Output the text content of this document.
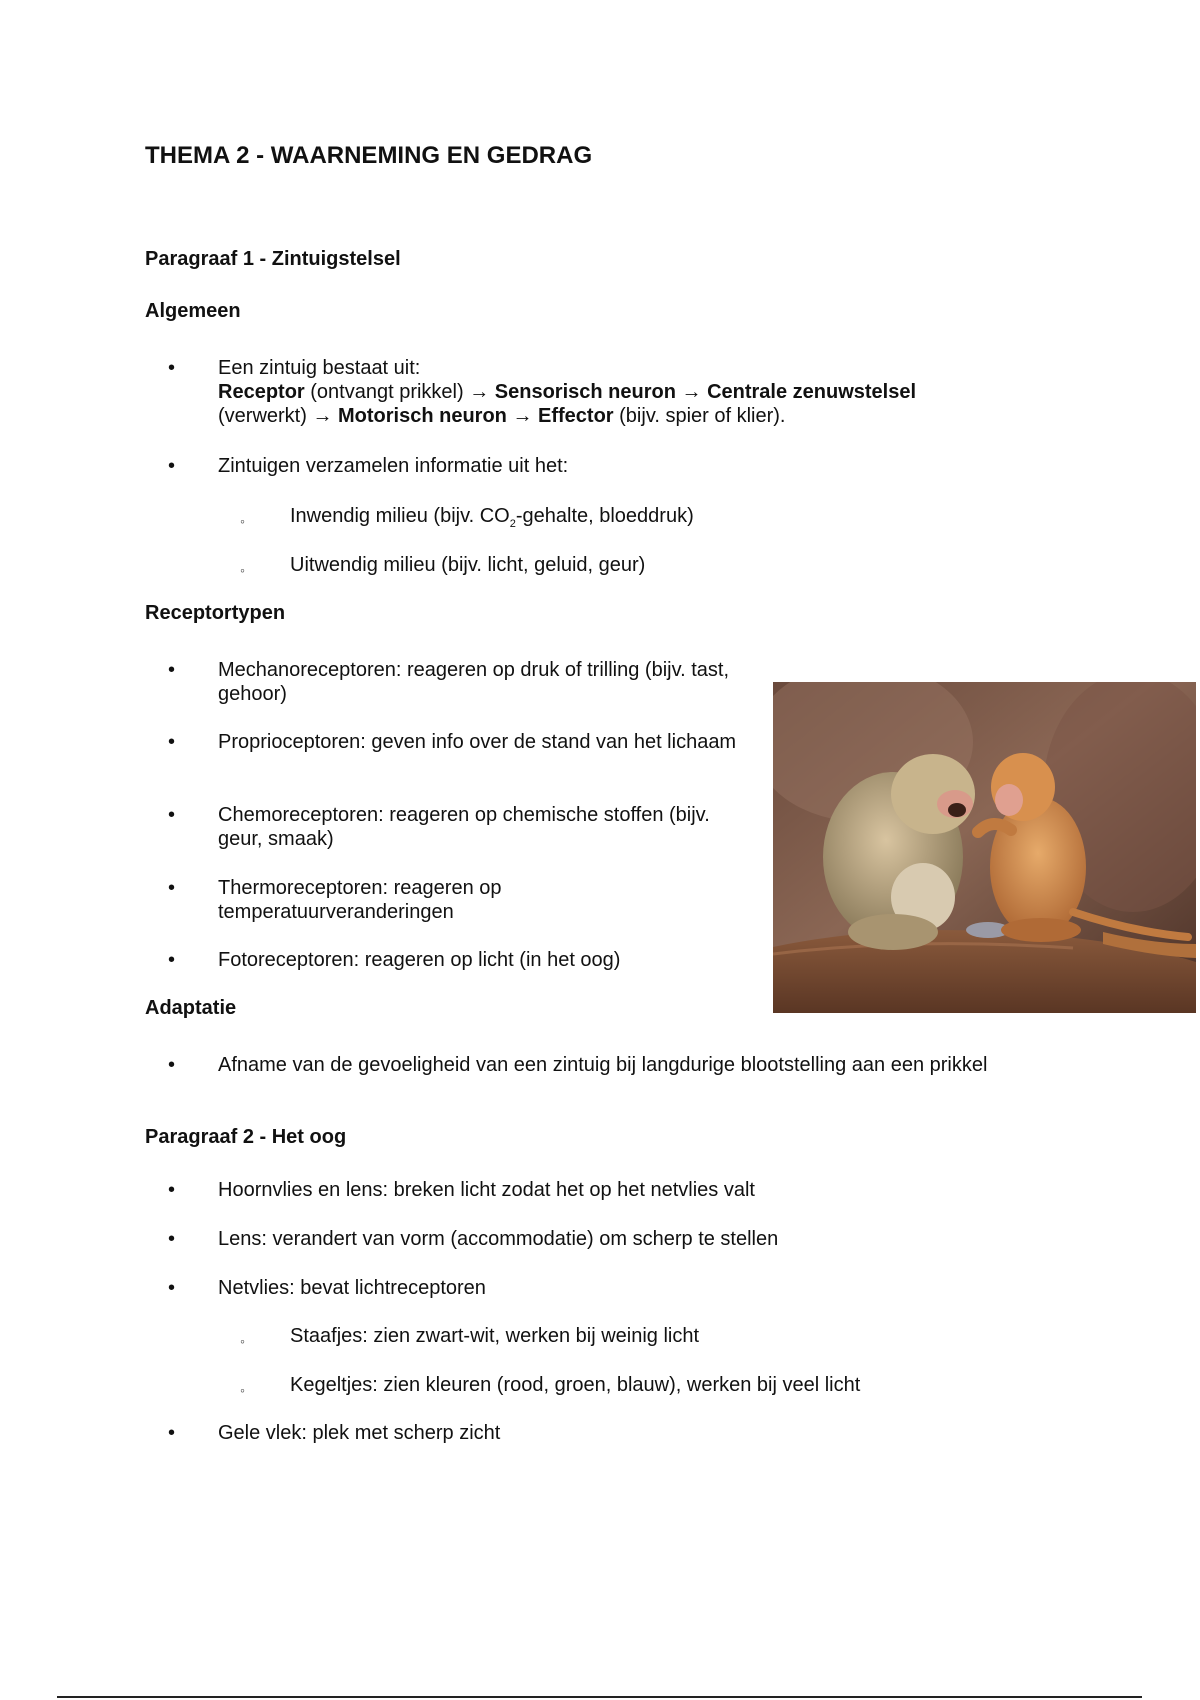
THEMA 2 - WAARNEMING EN GEDRAG
Paragraaf 1 - Zintuigstelsel
Algemeen
• Een zintuig bestaat uit:
Receptor (ontvangt prikkel) → Sensorisch neuron → Centrale zenuwstelsel
(verwerkt) → Motorisch neuron → Effector (bijv. spier of klier).
• Zintuigen verzamelen informatie uit het:
◦ Inwendig milieu (bijv. $CO_2$-gehalte, bloeddruk)
◦ Uitwendig milieu (bijv. licht, geluid, geur)
Receptortypen
• Mechanoreceptoren: reageren op druk of trilling (bijv. tast, gehoor)
• Proprioceptoren: geven info over de stand van het lichaam
• Chemoreceptoren: reageren op chemische stoffen (bijv. geur, smaak)
• Thermoreceptoren: reageren op temperatuurveranderingen
• Fotoreceptoren: reageren op licht (in het oog)
Adaptatie
• Afname van de gevoeligheid van een zintuig bij langdurige blootstelling aan een prikkel
Paragraaf 2 - Het oog
• Hoornvlies en lens: breken licht zodat het op het netvlies valt
• Lens: verandert van vorm (accommodatie) om scherp te stellen
• Netvlies: bevat lichtreceptoren
◦ Staafjes: zien zwart-wit, werken bij weinig licht
◦ Kegeltjes: zien kleuren (rood, groen, blauw), werken bij veel licht
• Gele vlek: plek met scherp zicht
